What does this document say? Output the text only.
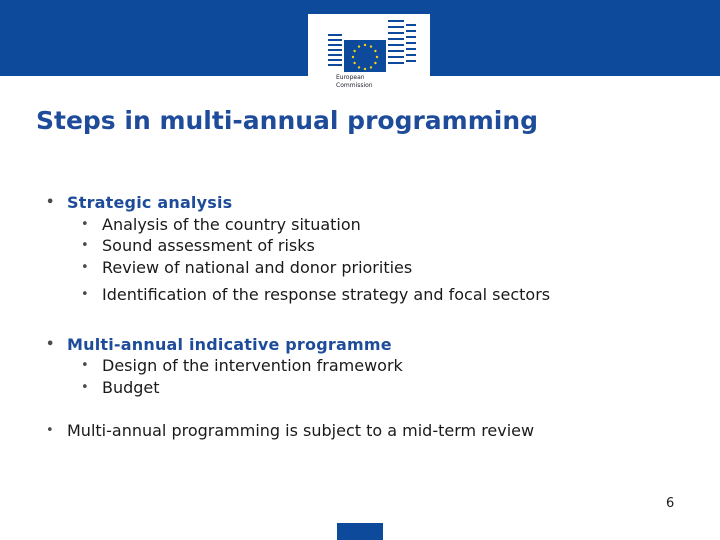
European
Commission
Steps in multi-annual programming
• Strategic analysis
• Analysis of the country situation
• Sound assessment of risks
• Review of national and donor priorities
• Identification of the response strategy and focal sectors
• Multi-annual indicative programme
• Design of the intervention framework
• Budget
• Multi-annual programming is subject to a mid-term review
6
